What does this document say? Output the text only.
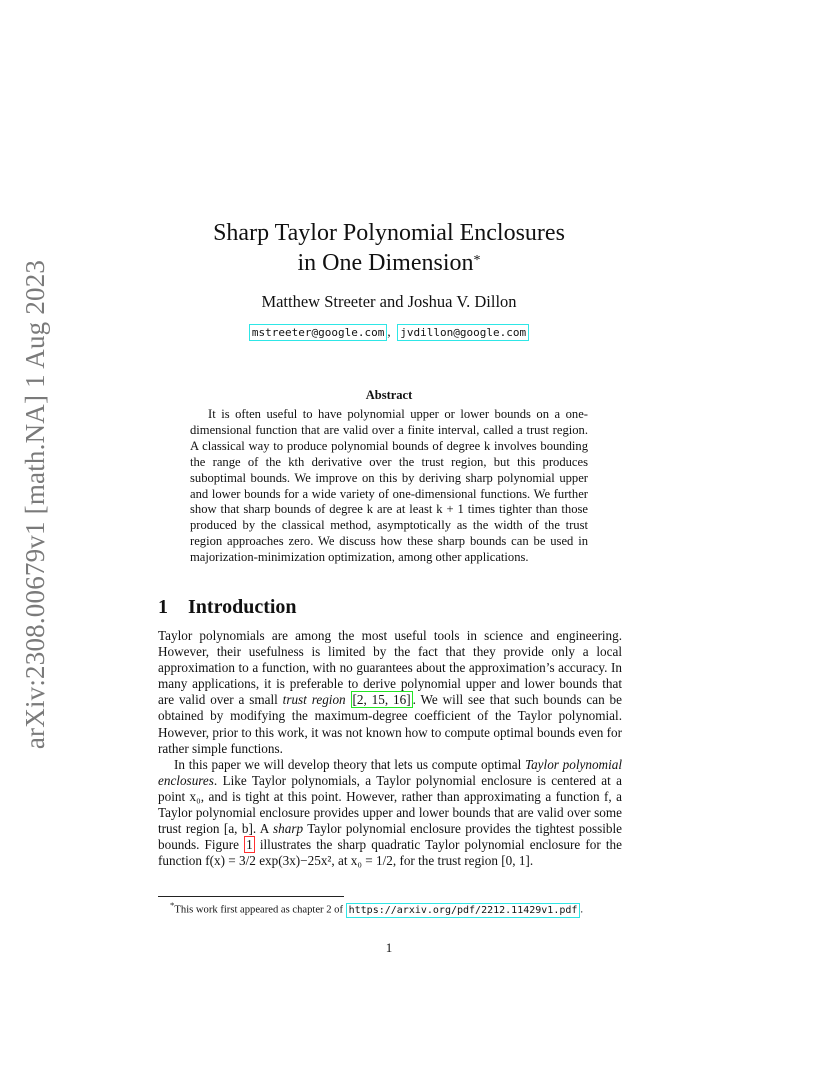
arXiv:2308.00679v1 [math.NA] 1 Aug 2023
Sharp Taylor Polynomial Enclosures
in One Dimension*
Matthew Streeter and Joshua V. Dillon
mstreeter@google.com , jvdillon@google.com
Abstract
It is often useful to have polynomial upper or lower bounds on a one-dimensional function that are valid over a finite interval, called a trust region. A classical way to produce polynomial bounds of degree k involves bounding the range of the kth derivative over the trust region, but this produces suboptimal bounds. We improve on this by deriving sharp polynomial upper and lower bounds for a wide variety of one-dimensional functions. We further show that sharp bounds of degree k are at least k + 1 times tighter than those produced by the classical method, asymptotically as the width of the trust region approaches zero. We discuss how these sharp bounds can be used in majorization-minimization optimization, among other applications.
1 Introduction

Taylor polynomials are among the most useful tools in science and engineering. However, their usefulness is limited by the fact that they provide only a local approximation to a function, with no guarantees about the approximation’s accuracy. In many applications, it is preferable to derive polynomial upper and lower bounds that are valid over a small trust region [2, 15, 16] . We will see that such bounds can be obtained by modifying the maximum-degree coefficient of the Taylor polynomial. However, prior to this work, it was not known how to compute optimal bounds even for rather simple functions.

In this paper we will develop theory that lets us compute optimal Taylor polynomial enclosures. Like Taylor polynomials, a Taylor polynomial enclosure is centered at a point x₀, and is tight at this point. However, rather than approximating a function f, a Taylor polynomial enclosure provides upper and lower bounds that are valid over some trust region [a, b]. A sharp Taylor polynomial enclosure provides the tightest possible bounds. Figure 1 illustrates the sharp quadratic Taylor polynomial enclosure for the function f(x) = 3/2 exp(3x)−25x², at x₀ = 1/2, for the trust region [0, 1].

*This work first appeared as chapter 2 of https://arxiv.org/pdf/2212.11429v1.pdf .
1
